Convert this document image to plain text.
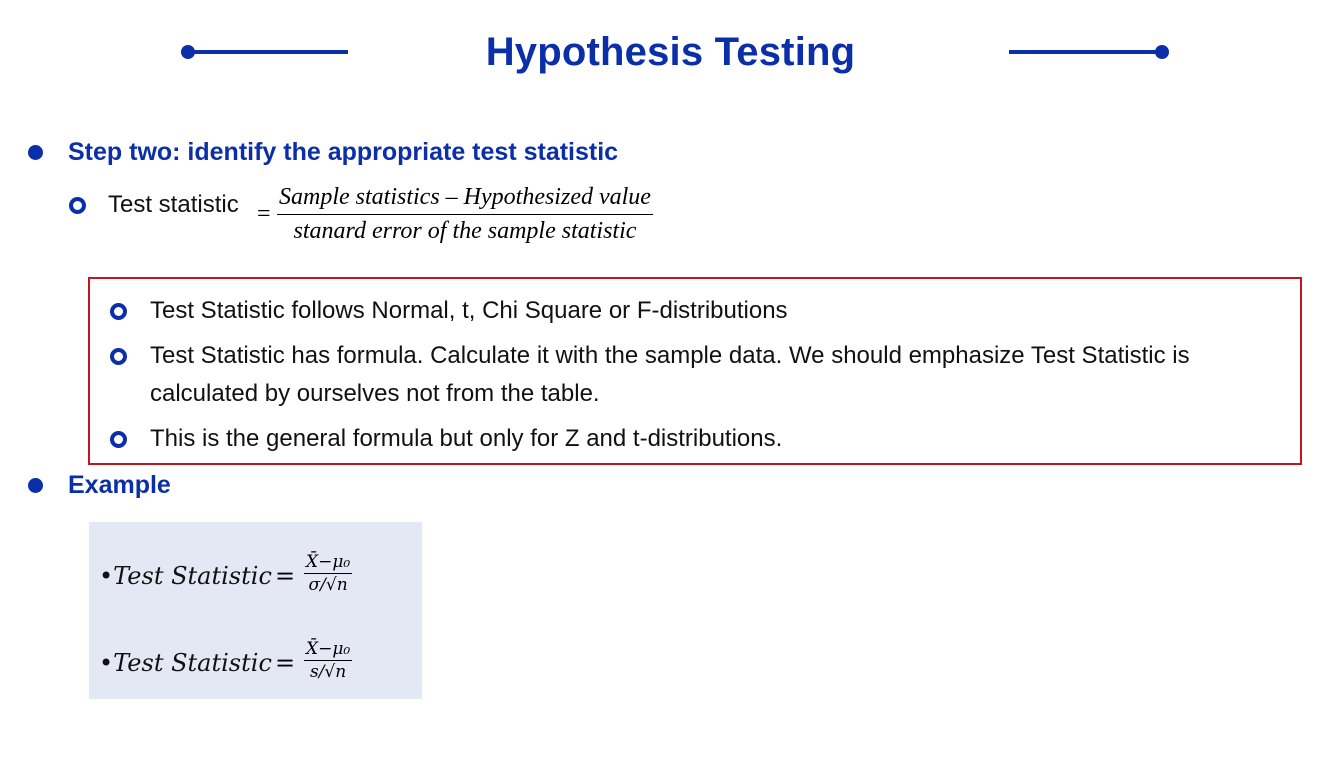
Hypothesis Testing
Step two: identify the appropriate test statistic
Test statistic =
Sample statistics – Hypothesized value
stanard error of the sample statistic
Test Statistic follows Normal, t, Chi Square or F-distributions
Test Statistic has formula. Calculate it with the sample data. We should emphasize Test Statistic is calculated by ourselves not from the table.
This is the general formula but only for Z and t-distributions.
Example
•Test Statistic = $\frac{\text{X̄−μ₀}}{\sigma/√n}$
•Test Statistic = $\frac{\text{X̄−μ₀}}{s/√n}$
